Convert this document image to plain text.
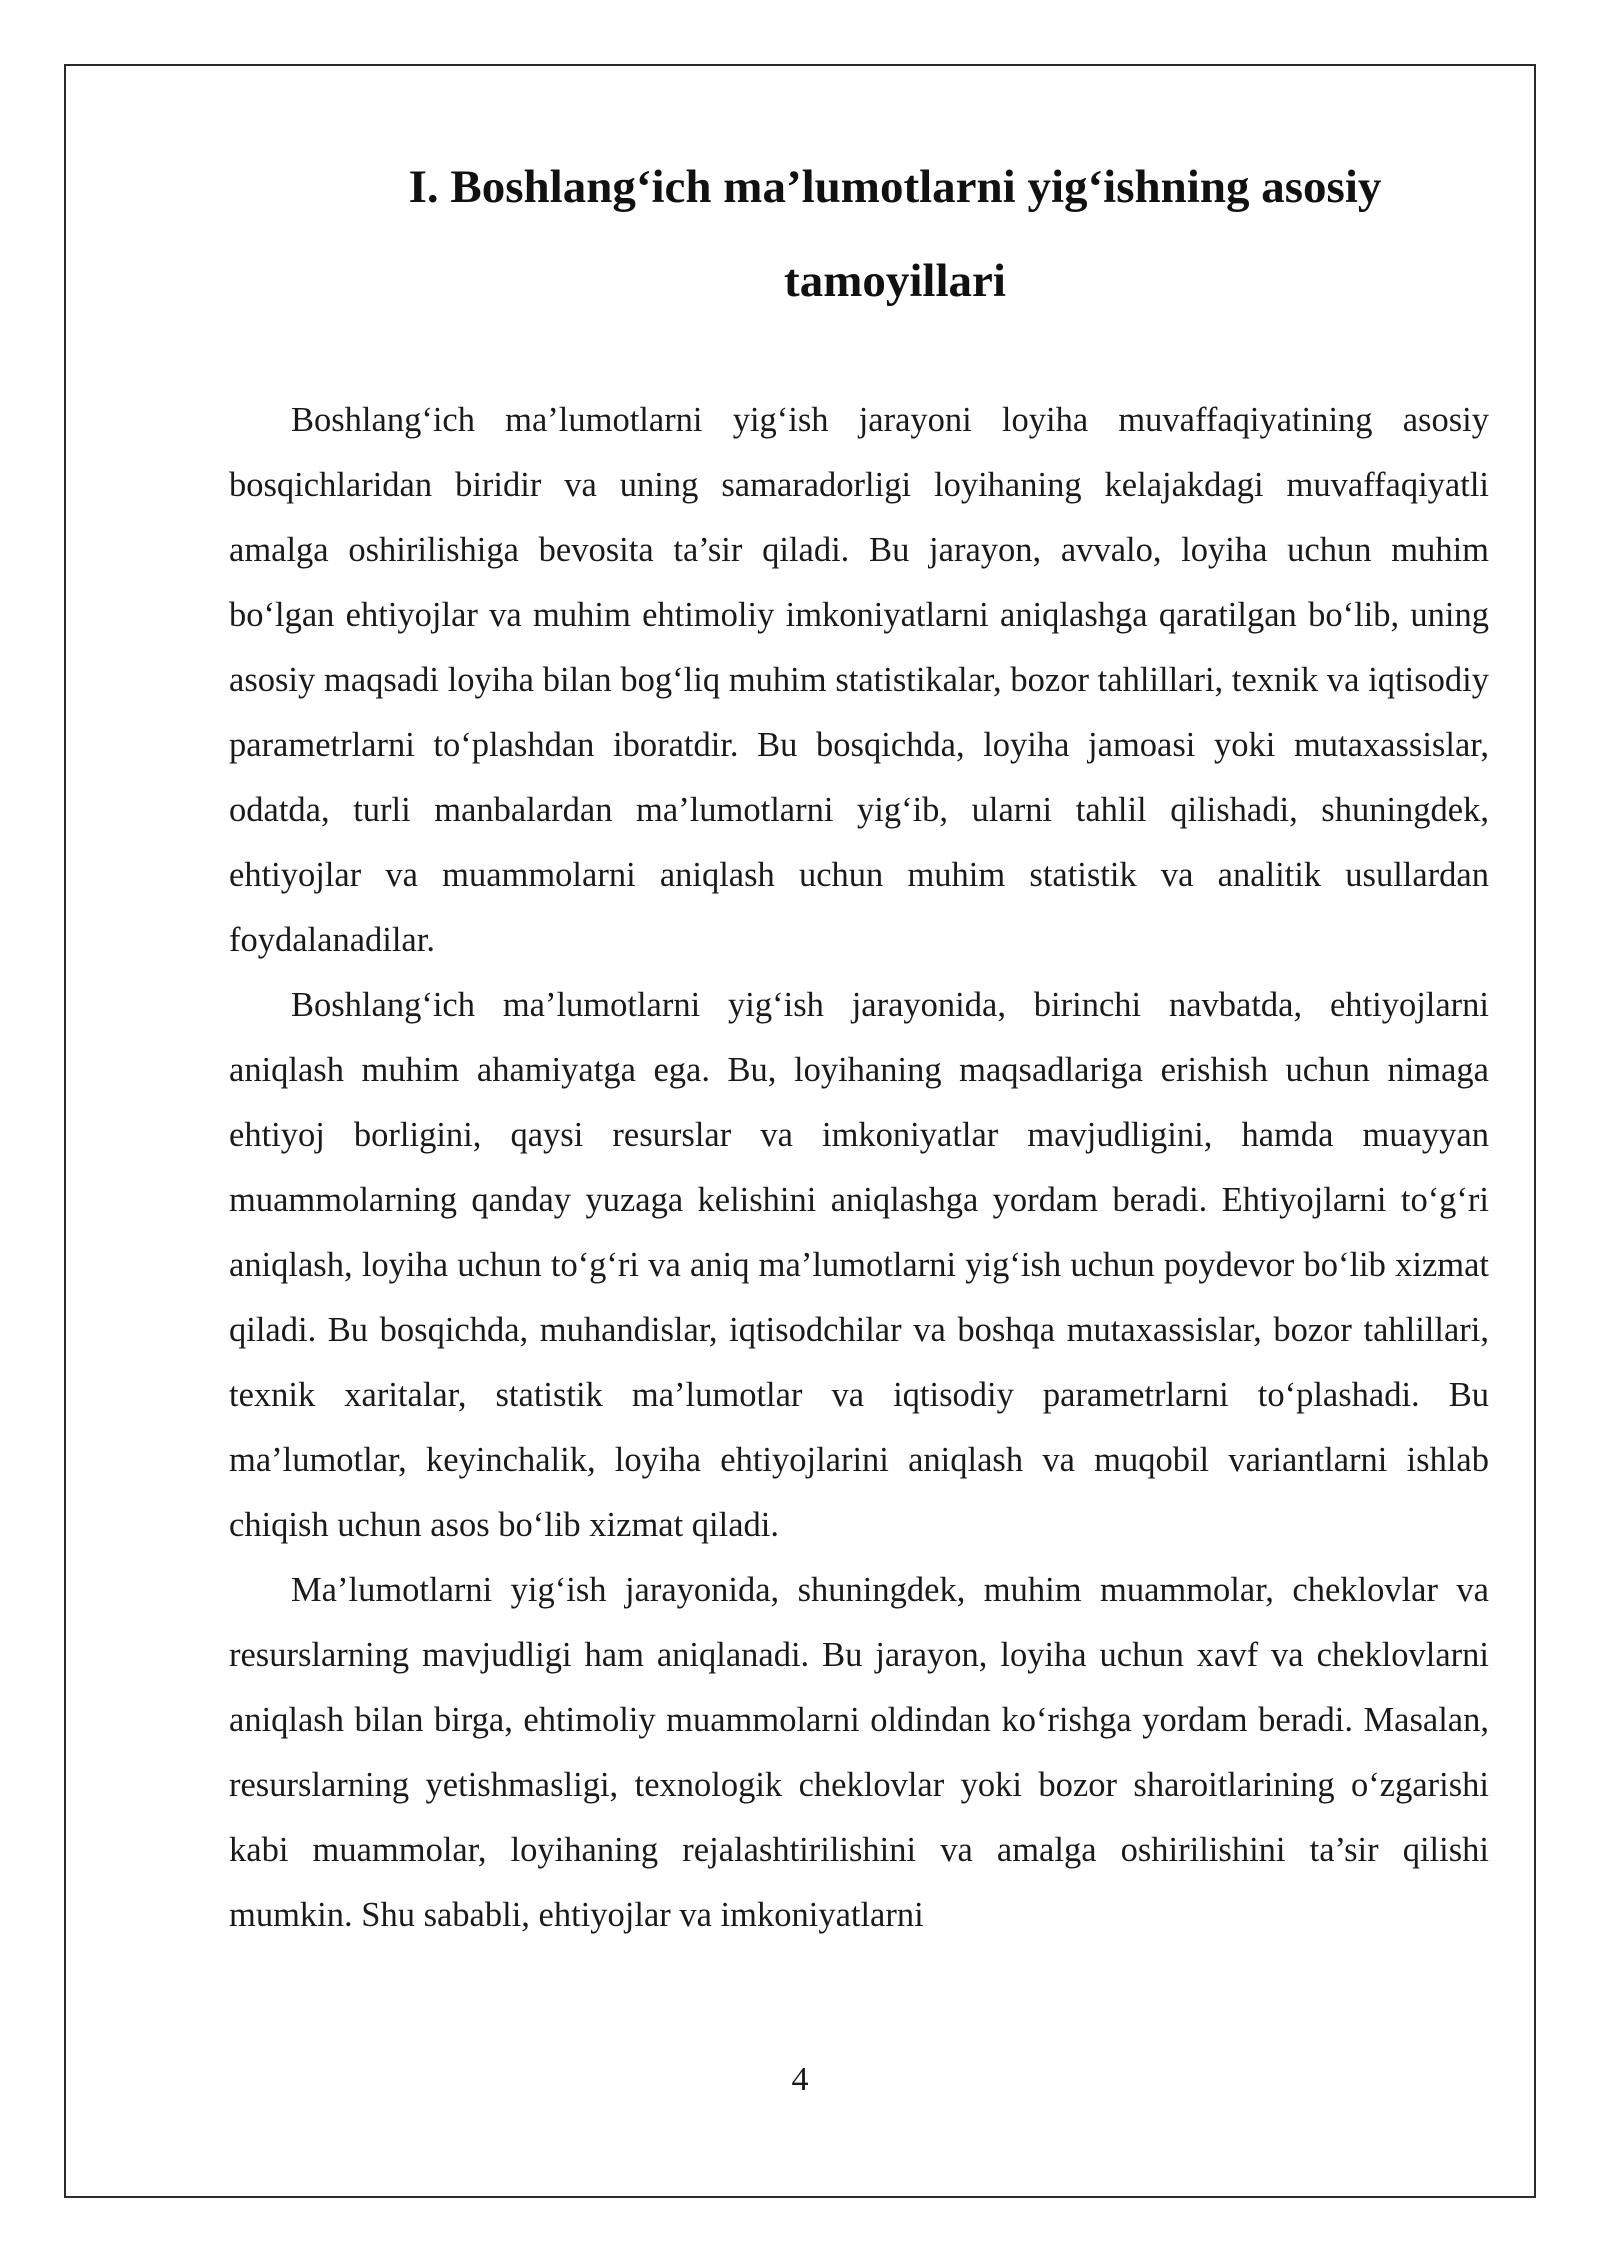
I. Boshlang‘ich ma’lumotlarni yig‘ishning asosiy tamoyillari

Boshlang‘ich ma’lumotlarni yig‘ish jarayoni loyiha muvaffaqiyatining asosiy bosqichlaridan biridir va uning samaradorligi loyihaning kelajakdagi muvaffaqiyatli amalga oshirilishiga bevosita ta’sir qiladi. Bu jarayon, avvalo, loyiha uchun muhim bo‘lgan ehtiyojlar va muhim ehtimoliy imkoniyatlarni aniqlashga qaratilgan bo‘lib, uning asosiy maqsadi loyiha bilan bog‘liq muhim statistikalar, bozor tahlillari, texnik va iqtisodiy parametrlarni to‘plashdan iboratdir. Bu bosqichda, loyiha jamoasi yoki mutaxassislar, odatda, turli manbalardan ma’lumotlarni yig‘ib, ularni tahlil qilishadi, shuningdek, ehtiyojlar va muammolarni aniqlash uchun muhim statistik va analitik usullardan foydalanadilar.

Boshlang‘ich ma’lumotlarni yig‘ish jarayonida, birinchi navbatda, ehtiyojlarni aniqlash muhim ahamiyatga ega. Bu, loyihaning maqsadlariga erishish uchun nimaga ehtiyoj borligini, qaysi resurslar va imkoniyatlar mavjudligini, hamda muayyan muammolarning qanday yuzaga kelishini aniqlashga yordam beradi. Ehtiyojlarni to‘g‘ri aniqlash, loyiha uchun to‘g‘ri va aniq ma’lumotlarni yig‘ish uchun poydevor bo‘lib xizmat qiladi. Bu bosqichda, muhandislar, iqtisodchilar va boshqa mutaxassislar, bozor tahlillari, texnik xaritalar, statistik ma’lumotlar va iqtisodiy parametrlarni to‘plashadi. Bu ma’lumotlar, keyinchalik, loyiha ehtiyojlarini aniqlash va muqobil variantlarni ishlab chiqish uchun asos bo‘lib xizmat qiladi.

Ma’lumotlarni yig‘ish jarayonida, shuningdek, muhim muammolar, cheklovlar va resurslarning mavjudligi ham aniqlanadi. Bu jarayon, loyiha uchun xavf va cheklovlarni aniqlash bilan birga, ehtimoliy muammolarni oldindan ko‘rishga yordam beradi. Masalan, resurslarning yetishmasligi, texnologik cheklovlar yoki bozor sharoitlarining o‘zgarishi kabi muammolar, loyihaning rejalashtirilishini va amalga oshirilishini ta’sir qilishi mumkin. Shu sababli, ehtiyojlar va imkoniyatlarni

4
